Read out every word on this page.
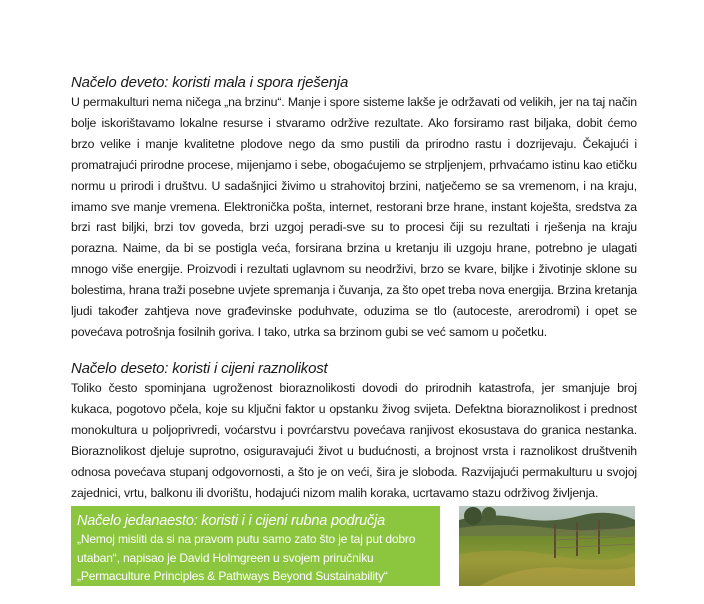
Načelo deveto: koristi mala i spora rješenja

U permakulturi nema ničega „na brzinu“. Manje i spore sisteme lakše je održavati od velikih, jer na taj način bolje iskorištavamo lokalne resurse i stvaramo održive rezultate. Ako forsiramo rast biljaka, dobit ćemo brzo velike i manje kvalitetne plodove nego da smo pustili da prirodno rastu i dozrijevaju. Čekajući i promatrajući prirodne procese, mijenjamo i sebe, obogaćujemo se strpljenjem, prhvaćamo istinu kao etičku normu u prirodi i društvu. U sadašnjici živimo u strahovitoj brzini, natječemo se sa vremenom, i na kraju, imamo sve manje vremena. Elektronička pošta, internet, restorani brze hrane, instant koješta, sredstva za brzi rast biljki, brzi tov goveda, brzi uzgoj peradi-sve su to procesi čiji su rezultati i rješenja na kraju poraznа. Naime, da bi se postigla veća, forsirana brzina u kretanju ili uzgoju hrane, potrebno je ulagati mnogo više energije. Proizvodi i rezultati uglavnom su neodrživi, brzo se kvare, biljke i životinje sklone su bolestima, hrana traži posebne uvjete spremanja i čuvanja, za što opet treba nova energija. Brzina kretanja ljudi također zahtjeva nove građevinske poduhvate, oduzima se tlo (autoceste, arerodromi) i opet se povećava potrošnja fosilnih goriva. I tako, utrka sa brzinom gubi se već samom u početku.

Načelo deseto: koristi i cijeni raznolikost

Toliko često spominjana ugroženost bioraznolikosti dovodi do prirodnih katastrofa, jer smanjuje broj kukaca, pogotovo pčela, koje su ključni faktor u opstanku živog svijeta. Defektna bioraznolikost i prednost monokultura u poljoprivredi, voćarstvu i povrćarstvu povećava ranjivost ekosustava do granica nestanka. Bioraznolikost djeluje suprotno, osiguravajući život u budućnosti, a brojnost vrsta i raznolikost društvenih odnosa povećava stupanj odgovornosti, a što je on veći, šira je sloboda. Razvijajući permakulturu u svojoj zajednici, vrtu, balkonu ili dvorištu, hodajući nizom malih koraka, ucrtavamo stazu održivog življenja.

Načelo jedanaesto: koristi i i cijeni rubna područja

„Nemoj misliti da si na pravom putu samo zato što je taj put dobro utaban“, napisao je David Holmgreen u svojem priručniku „Permaculture Principles & Pathways Beyond Sustainability“ odnosno u slobodnom
